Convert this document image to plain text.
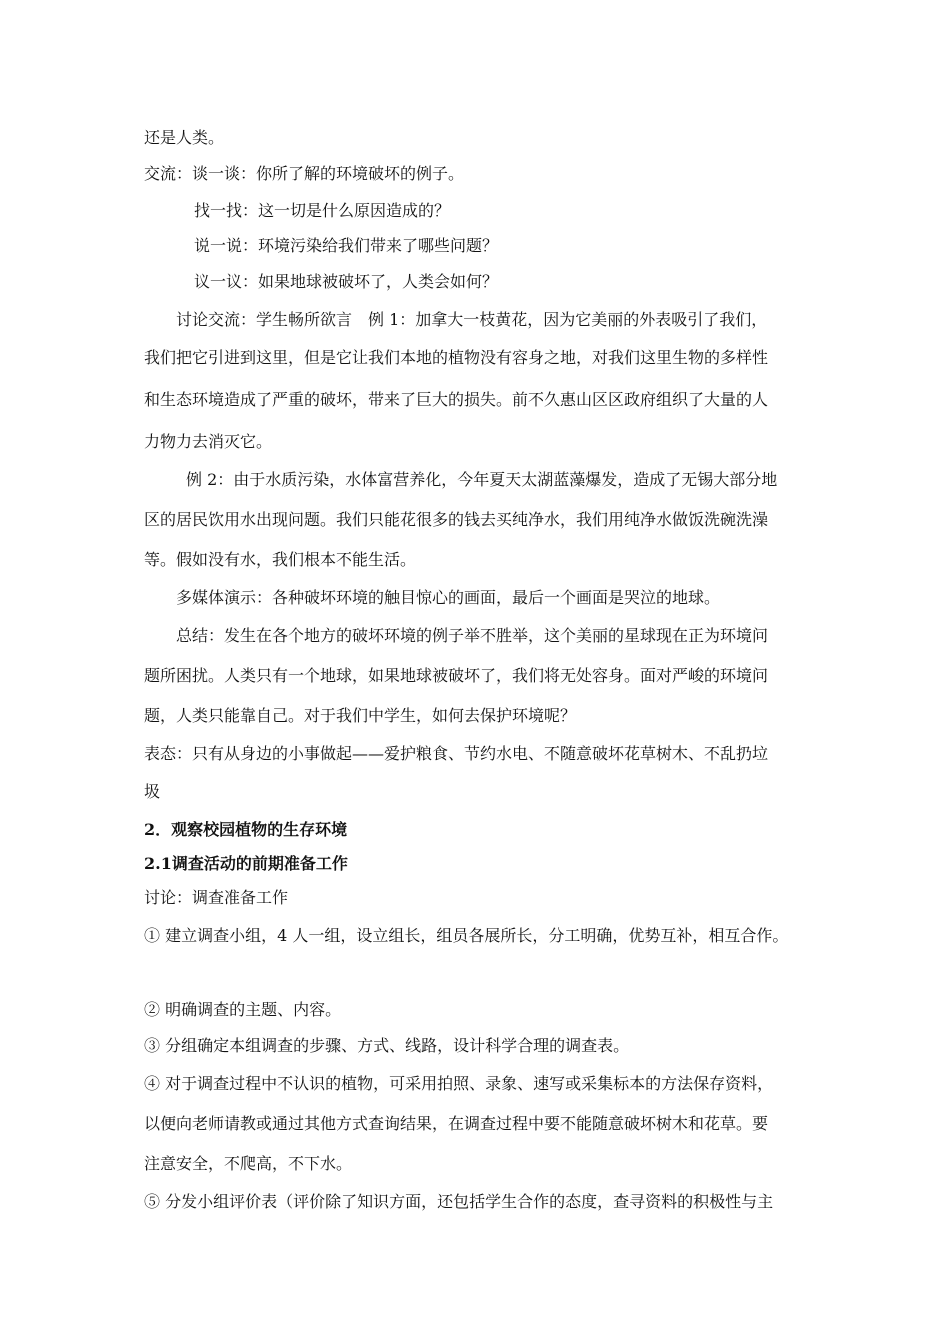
还是人类。
交流：谈一谈：你所了解的环境破坏的例子。
找一找：这一切是什么原因造成的？
说一说：环境污染给我们带来了哪些问题？
议一议：如果地球被破坏了，人类会如何？
讨论交流：学生畅所欲言　例 1：加拿大一枝黄花，因为它美丽的外表吸引了我们，
我们把它引进到这里，但是它让我们本地的植物没有容身之地，对我们这里生物的多样性
和生态环境造成了严重的破坏，带来了巨大的损失。前不久惠山区区政府组织了大量的人
力物力去消灭它。
例 2：由于水质污染，水体富营养化，今年夏天太湖蓝藻爆发，造成了无锡大部分地
区的居民饮用水出现问题。我们只能花很多的钱去买纯净水，我们用纯净水做饭洗碗洗澡
等。假如没有水，我们根本不能生活。
多媒体演示：各种破坏环境的触目惊心的画面，最后一个画面是哭泣的地球。
总结：发生在各个地方的破坏环境的例子举不胜举，这个美丽的星球现在正为环境问
题所困扰。人类只有一个地球，如果地球被破坏了，我们将无处容身。面对严峻的环境问
题，人类只能靠自己。对于我们中学生，如何去保护环境呢？
表态：只有从身边的小事做起——爱护粮食、节约水电、不随意破坏花草树木、不乱扔垃
圾
2．观察校园植物的生存环境
2.1调查活动的前期准备工作
讨论：调查准备工作
① 建立调查小组，4 人一组，设立组长，组员各展所长，分工明确，优势互补，相互合作。
② 明确调查的主题、内容。
③ 分组确定本组调查的步骤、方式、线路，设计科学合理的调查表。
④ 对于调查过程中不认识的植物，可采用拍照、录象、速写或采集标本的方法保存资料，
以便向老师请教或通过其他方式查询结果，在调查过程中要不能随意破坏树木和花草。要
注意安全，不爬高，不下水。
⑤ 分发小组评价表（评价除了知识方面，还包括学生合作的态度，查寻资料的积极性与主
